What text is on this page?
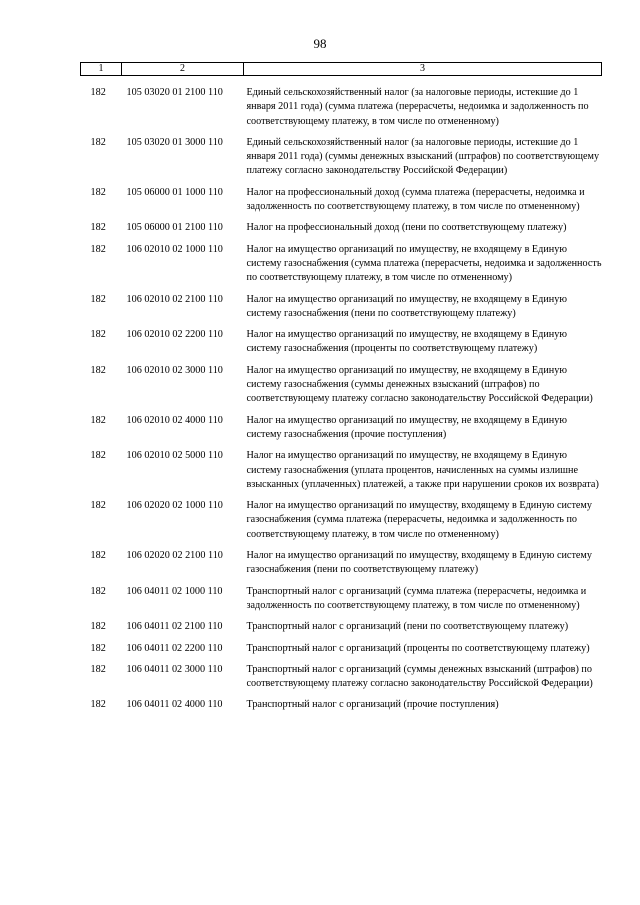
98
1	2	3
182	105 03020 01 2100 110	Единый сельскохозяйственный налог (за налоговые периоды, истекшие до 1 января 2011 года) (сумма платежа (перерасчеты, недоимка и задолженность по соответствующему платежу, в том числе по отмененному)
182	105 03020 01 3000 110	Единый сельскохозяйственный налог (за налоговые периоды, истекшие до 1 января 2011 года) (суммы денежных взысканий (штрафов) по соответствующему платежу согласно законодательству Российской Федерации)
182	105 06000 01 1000 110	Налог на профессиональный доход (сумма платежа (перерасчеты, недоимка и задолженность по соответствующему платежу, в том числе по отмененному)
182	105 06000 01 2100 110	Налог на профессиональный доход (пени по соответствующему платежу)
182	106 02010 02 1000 110	Налог на имущество организаций по имуществу, не входящему в Единую систему газоснабжения (сумма платежа (перерасчеты, недоимка и задолженность по соответствующему платежу, в том числе по отмененному)
182	106 02010 02 2100 110	Налог на имущество организаций по имуществу, не входящему в Единую систему газоснабжения (пени по соответствующему платежу)
182	106 02010 02 2200 110	Налог на имущество организаций по имуществу, не входящему в Единую систему газоснабжения (проценты по соответствующему платежу)
182	106 02010 02 3000 110	Налог на имущество организаций по имуществу, не входящему в Единую систему газоснабжения (суммы денежных взысканий (штрафов) по соответствующему платежу согласно законодательству Российской Федерации)
182	106 02010 02 4000 110	Налог на имущество организаций по имуществу, не входящему в Единую систему газоснабжения (прочие поступления)
182	106 02010 02 5000 110	Налог на имущество организаций по имуществу, не входящему в Единую систему газоснабжения (уплата процентов, начисленных на суммы излишне взысканных (уплаченных) платежей, а также при нарушении сроков их возврата)
182	106 02020 02 1000 110	Налог на имущество организаций по имуществу, входящему в Единую систему газоснабжения (сумма платежа (перерасчеты, недоимка и задолженность по соответствующему платежу, в том числе по отмененному)
182	106 02020 02 2100 110	Налог на имущество организаций по имуществу, входящему в Единую систему газоснабжения (пени по соответствующему платежу)
182	106 04011 02 1000 110	Транспортный налог с организаций (сумма платежа (перерасчеты, недоимка и задолженность по соответствующему платежу, в том числе по отмененному)
182	106 04011 02 2100 110	Транспортный налог с организаций (пени по соответствующему платежу)
182	106 04011 02 2200 110	Транспортный налог с организаций (проценты по соответствующему платежу)
182	106 04011 02 3000 110	Транспортный налог с организаций (суммы денежных взысканий (штрафов) по соответствующему платежу согласно законодательству Российской Федерации)
182	106 04011 02 4000 110	Транспортный налог с организаций (прочие поступления)
